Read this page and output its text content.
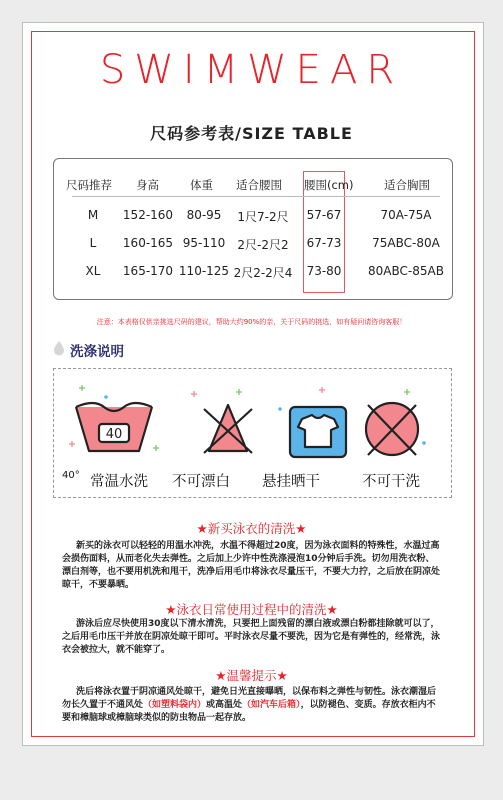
SWIMWEAR
尺码参考表/SIZE TABLE
尺码推荐 身高	体重 适合腰围 腰围(cm)	适合胸围
M	152-160	80-95	1尺7-2尺	57-67	70A-75A
L	160-165 95-110	2尺-2尺2	67-73	75ABC-80A
XL	165-170 110-125 2尺2-2尺4 73-80	80ABC-85AB
注意：本表格仅供亲挑选尺码的建议，帮助大约90%的亲，关于尺码的挑选，如有疑问请咨询客服！
洗涤说明
40
40° 常温水洗 不可漂白 悬挂晒干	不可干洗
★新买泳衣的清洗★
新买的泳衣可以轻轻的用温水冲洗，水温不得超过20度，因为泳衣面料的特殊性，水温过高会损伤面料，从而老化失去弹性。之后加上少许中性洗涤浸泡10分钟后手洗。切勿用洗衣粉、漂白剂等，也不要用机洗和甩干，洗净后用毛巾将泳衣尽量压干，不要大力拧，之后放在阴凉处晾干，不要暴晒。
★泳衣日常使用过程中的清洗★
游泳后应尽快使用30度以下清水清洗，只要把上面残留的漂白液或漂白粉都挂除就可以了，之后用毛巾压干并放在阴凉处晾干即可。平时泳衣尽量不要洗，因为它是有弹性的，经常洗，泳衣会被拉大，就不能穿了。
★温馨提示★
洗后将泳衣置于阴凉通风处晾干，避免日光直接曝晒，以保布料之弹性与韧性。泳衣潮湿后勿长久置于不通风处（如塑料袋内）或高温处（如汽车后箱），以防褪色、变质。存放衣柜内不要和樟脑球或樟脑球类似的防虫物品一起存放。
